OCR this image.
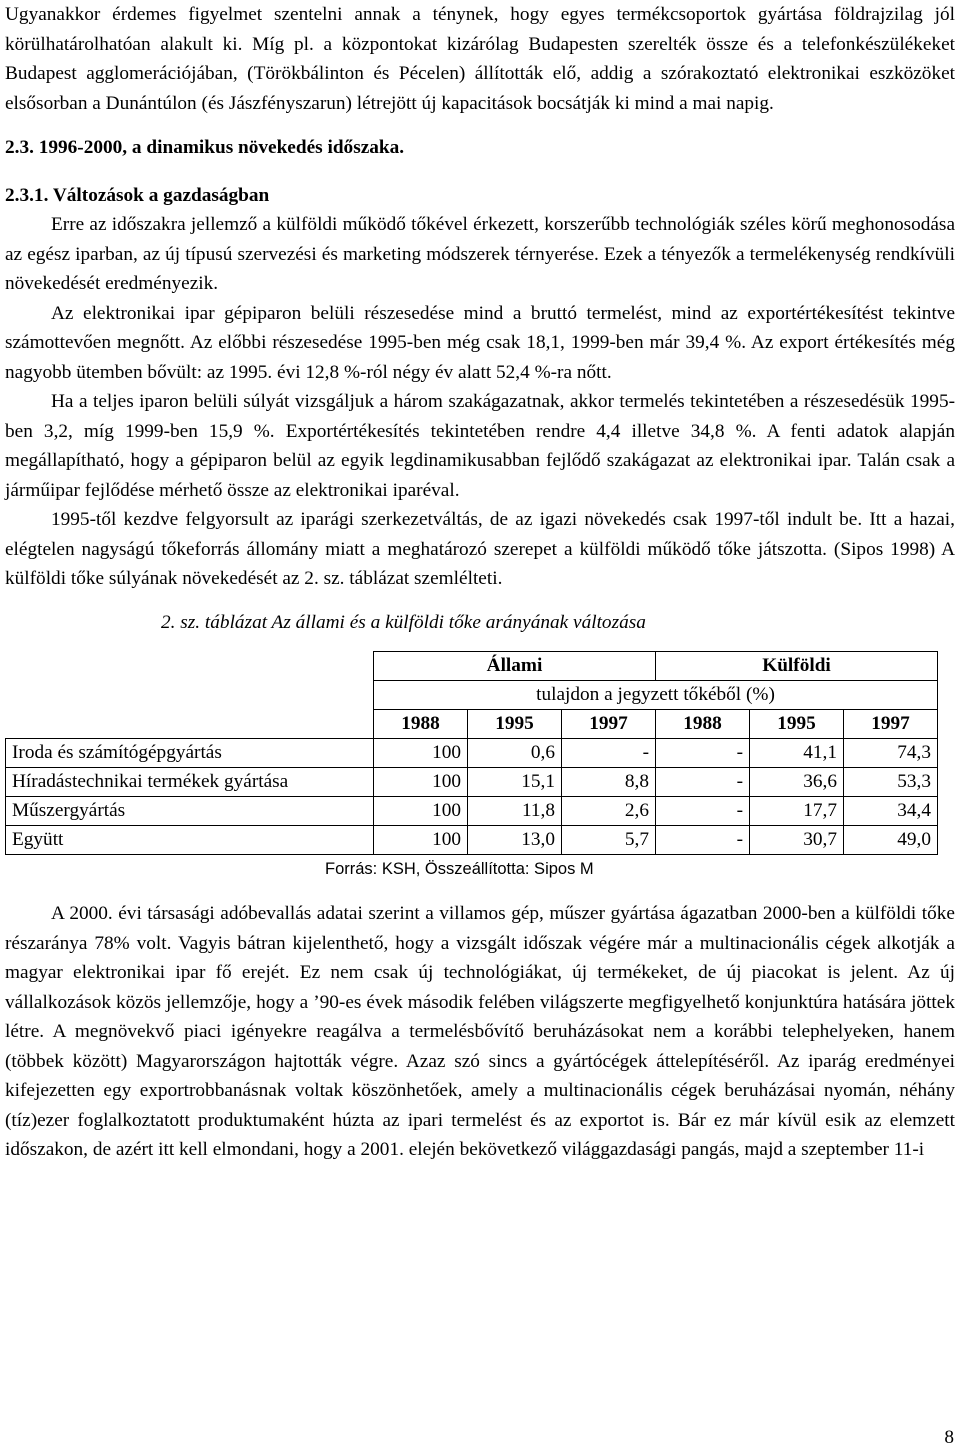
Ugyanakkor érdemes figyelmet szentelni annak a ténynek, hogy egyes termékcsoportok gyártása földrajzilag jól körülhatárolhatóan alakult ki. Míg pl. a központokat kizárólag Budapesten szerelték össze és a telefonkészülékeket Budapest agglomerációjában, (Törökbálinton és Pécelen) állították elő, addig a szórakoztató elektronikai eszközöket elsősorban a Dunántúlon (és Jászfényszarun) létrejött új kapacitások bocsátják ki mind a mai napig.

2.3. 1996-2000, a dinamikus növekedés időszaka.

2.3.1. Változások a gazdaságban

Erre az időszakra jellemző a külföldi működő tőkével érkezett, korszerűbb technológiák széles körű meghonosodása az egész iparban, az új típusú szervezési és marketing módszerek térnyerése. Ezek a tényezők a termelékenység rendkívüli növekedését eredményezik.

Az elektronikai ipar gépiparon belüli részesedése mind a bruttó termelést, mind az exportértékesítést tekintve számottevően megnőtt. Az előbbi részesedése 1995-ben még csak 18,1, 1999-ben már 39,4 %. Az export értékesítés még nagyobb ütemben bővült: az 1995. évi 12,8 %-ról négy év alatt 52,4 %-ra nőtt.

Ha a teljes iparon belüli súlyát vizsgáljuk a három szakágazatnak, akkor termelés tekintetében a részesedésük 1995-ben 3,2, míg 1999-ben 15,9 %. Exportértékesítés tekintetében rendre 4,4 illetve 34,8 %. A fenti adatok alapján megállapítható, hogy a gépiparon belül az egyik legdinamikusabban fejlődő szakágazat az elektronikai ipar. Talán csak a járműipar fejlődése mérhető össze az elektronikai iparéval.

1995-től kezdve felgyorsult az iparági szerkezetváltás, de az igazi növekedés csak 1997-től indult be. Itt a hazai, elégtelen nagyságú tőkeforrás állomány miatt a meghatározó szerepet a külföldi működő tőke játszotta. (Sipos 1998) A külföldi tőke súlyának növekedését az 2. sz. táblázat szemlélteti.

2. sz. táblázat Az állami és a külföldi tőke arányának változása

	Állami			Külföldi		
	tulajdon a jegyzett tőkéből (%)					
	1988	1995	1997	1988	1995	1997
Iroda és számítógépgyártás	100	0,6	-	-	41,1	74,3
Híradástechnikai termékek gyártása	100	15,1	8,8	-	36,6	53,3
Műszergyártás	100	11,8	2,6	-	17,7	34,4
Együtt	100	13,0	5,7	-	30,7	49,0

Forrás: KSH, Összeállította: Sipos M

A 2000. évi társasági adóbevallás adatai szerint a villamos gép, műszer gyártása ágazatban 2000-ben a külföldi tőke részaránya 78% volt. Vagyis bátran kijelenthető, hogy a vizsgált időszak végére már a multinacionális cégek alkotják a magyar elektronikai ipar fő erejét. Ez nem csak új technológiákat, új termékeket, de új piacokat is jelent. Az új vállalkozások közös jellemzője, hogy a ’90-es évek második felében világszerte megfigyelhető konjunktúra hatására jöttek létre. A megnövekvő piaci igényekre reagálva a termelésbővítő beruházásokat nem a korábbi telephelyeken, hanem (többek között) Magyarországon hajtották végre. Azaz szó sincs a gyártócégek áttelepítéséről. Az iparág eredményei kifejezetten egy exportrobbanásnak voltak köszönhetőek, amely a multinacionális cégek beruházásai nyomán, néhány (tíz)ezer foglalkoztatott produktumaként húzta az ipari termelést és az exportot is. Bár ez már kívül esik az elemzett időszakon, de azért itt kell elmondani, hogy a 2001. elején bekövetkező világgazdasági pangás, majd a szeptember 11-i

8
